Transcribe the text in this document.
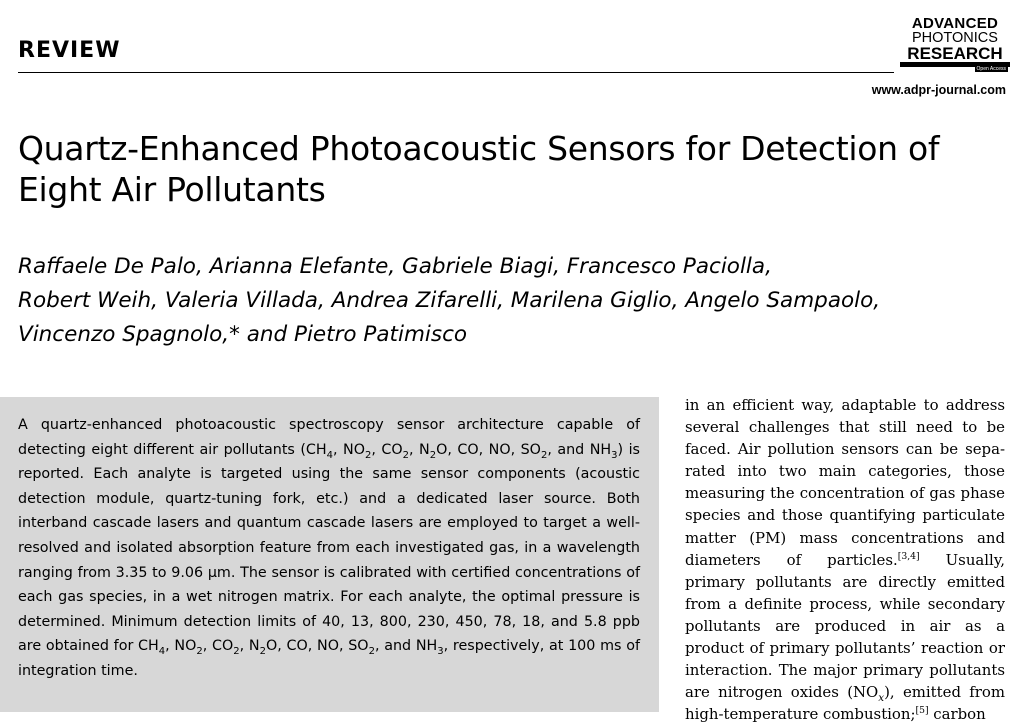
REVIEW
ADVANCED
PHOTONICS
RESEARCH
Open Access
www.adpr-journal.com
Quartz-Enhanced Photoacoustic Sensors for Detection of
Eight Air Pollutants
Raffaele De Palo, Arianna Elefante, Gabriele Biagi, Francesco Paciolla,
Robert Weih, Valeria Villada, Andrea Zifarelli, Marilena Giglio, Angelo Sampaolo,
Vincenzo Spagnolo,* and Pietro Patimisco

A quartz-enhanced photoacoustic spectroscopy sensor architecture capable of detecting eight different air pollutants ($CH_4$, $NO_2$, $CO_2$, $N_2O$, CO, NO, $SO_2$, and $NH_3$) is reported. Each analyte is targeted using the same sensor components (acoustic detection module, quartz-tuning fork, etc.) and a dedicated laser source. Both interband cascade lasers and quantum cascade lasers are employed to target a well-resolved and isolated absorption feature from each investigated gas, in a wavelength ranging from 3.35 to 9.06 μm. The sensor is calibrated with certified concentrations of each gas species, in a wet nitrogen matrix. For each analyte, the optimal pressure is determined. Minimum detection limits of 40, 13, 800, 230, 450, 78, 18, and 5.8 ppb are obtained for $CH_4$, $NO_2$, $CO_2$, $N_2O$, CO, NO, $SO_2$, and $NH_3$, respectively, at 100 ms of integration time.

in an efficient way, adaptable to address several challenges that still need to be faced. Air pollution sensors can be separated into two main categories, those measuring the concentration of gas phase species and those quantifying particulate matter (PM) mass concentrations and diameters of particles.[3,4] Usually, primary pollutants are directly emitted from a definite process, while secondary pollutants are produced in air as a product of primary pollutants’ reaction or interaction. The major primary pollutants are nitrogen oxides $(NO_x)$, emitted from high-temperature combustion;[5] carbon
